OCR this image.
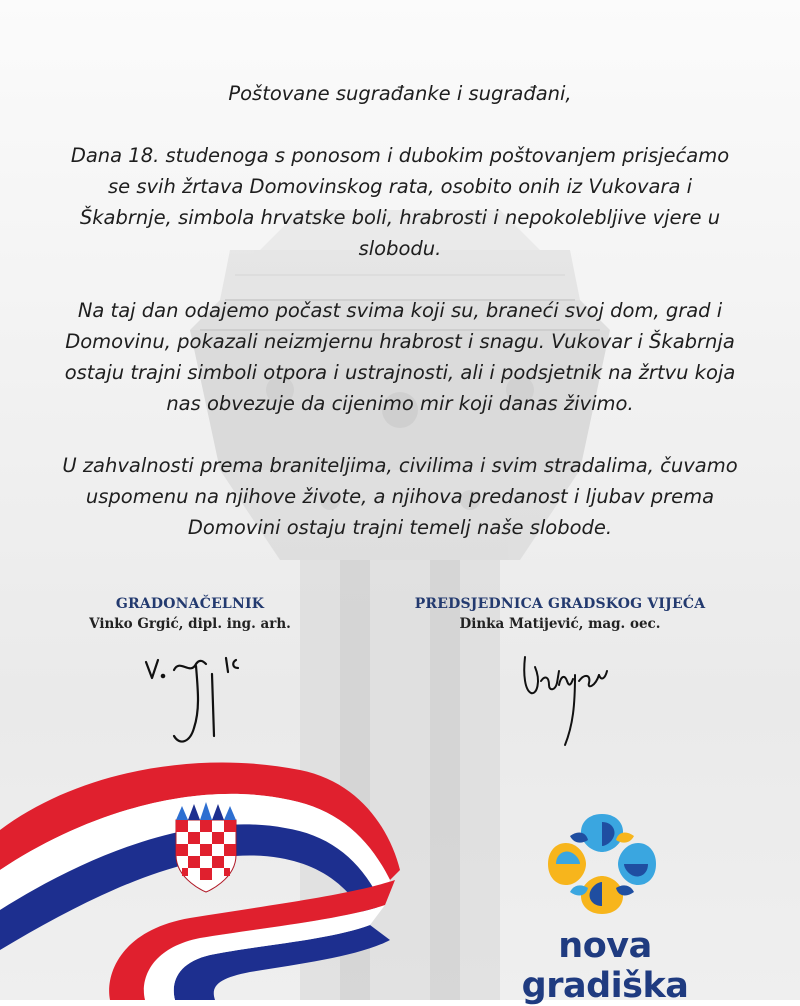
Poštovane sugrađanke i sugrađani,

Dana 18. studenoga s ponosom i dubokim poštovanjem prisjećamo se svih žrtava Domovinskog rata, osobito onih iz Vukovara i Škabrnje, simbola hrvatske boli, hrabrosti i nepokolebljive vjere u slobodu.

Na taj dan odajemo počast svima koji su, braneći svoj dom, grad i Domovinu, pokazali neizmjernu hrabrost i snagu. Vukovar i Škabrnja ostaju trajni simboli otpora i ustrajnosti, ali i podsjetnik na žrtvu koja nas obvezuje da cijenimo mir koji danas živimo.

U zahvalnosti prema braniteljima, civilima i svim stradalima, čuvamo uspomenu na njihove živote, a njihova predanost i ljubav prema Domovini ostaju trajni temelj naše slobode.

GRADONAČELNIK
Vinko Grgić, dipl. ing. arh.
PREDSJEDNICA GRADSKOG VIJEĆA
Dinka Matijević, mag. oec.
nova gradiška
